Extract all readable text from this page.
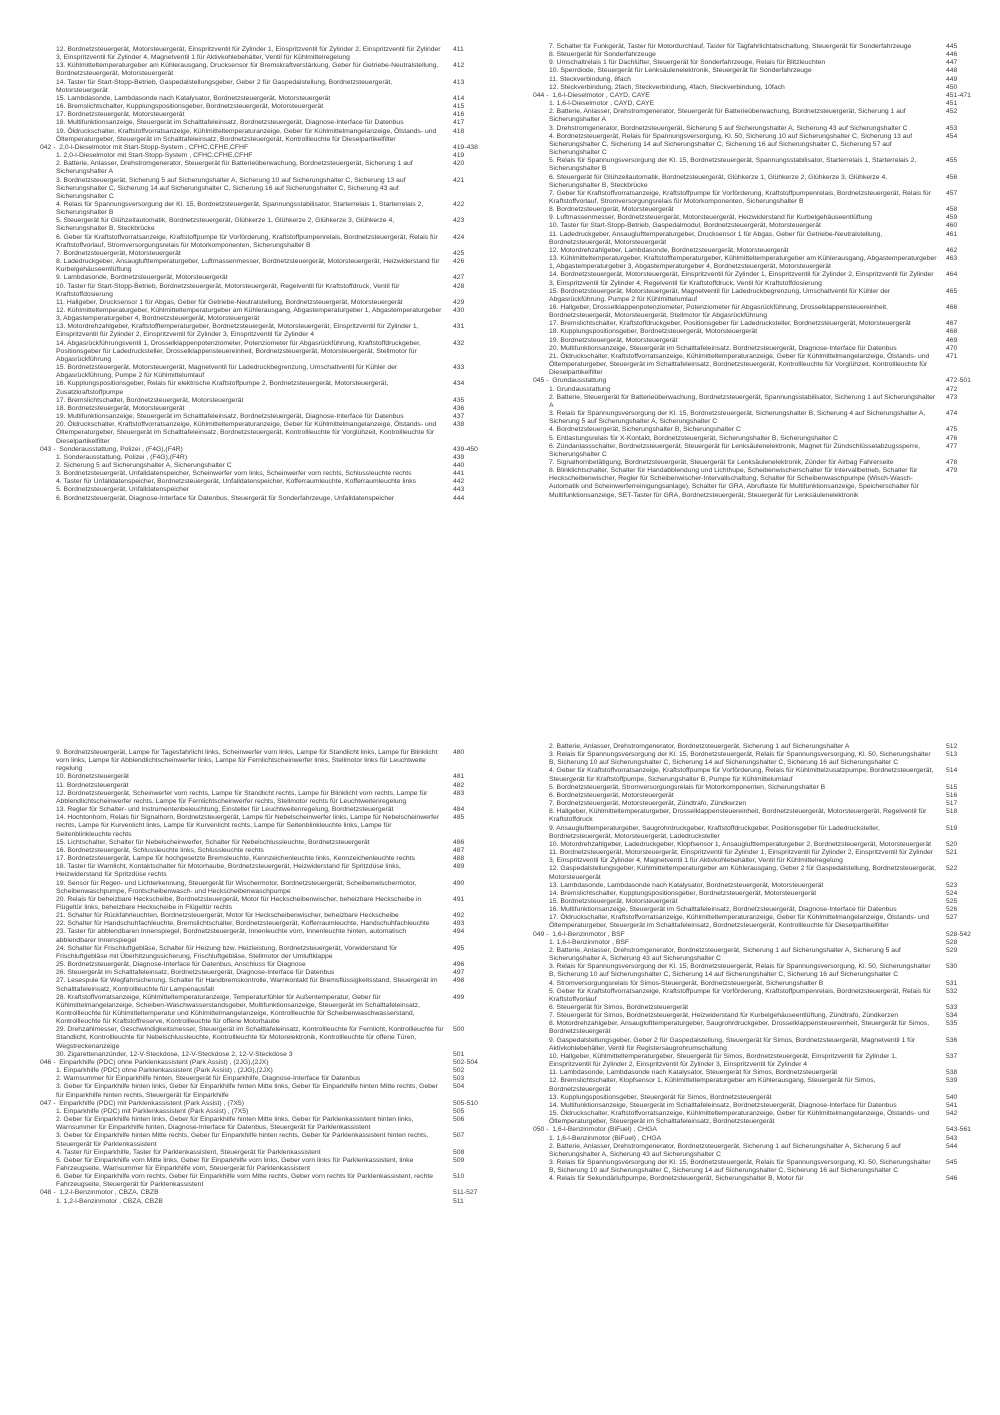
12. Bordnetzsteuergerät, Motorsteuergerät, Einspritzventil für Zylinder 1, Einspritzventil für Zylinder 2, Einspritzventil für Zylinder 3, Einspritzventil für Zylinder 4, Magnetventil 1 für Aktivkohlebehälter, Ventil für Kühlmittelregelung
411
13. Kühlmitteltemperaturgeber am Kühlerausgang, Drucksensor für Bremskraftverstärkung, Geber für Getriebe-Neutralstellung, Bordnetzsteuergerät, Motorsteuergerät
412
14. Taster für Start-Stopp-Betrieb, Gaspedalstellungsgeber, Geber 2 für Gaspedalstellung, Bordnetzsteuergerät, Motorsteuergerät
413
15. Lambdasonde, Lambdasonde nach Katalysator, Bordnetzsteuergerät, Motorsteuergerät	414
16. Bremslichtschalter, Kupplungspositionsgeber, Bordnetzsteuergerät, Motorsteuergerät	415
17. Bordnetzsteuergerät, Motorsteuergerät	416
18. Multifunktionsanzeige, Steuergerät im Schalttafeleinsatz, Bordnetzsteuergerät, Diagnose-Interface für Datenbus	417
19. Öldruckschalter, Kraftstoffvorratsanzeige, Kühlmitteltemperaturanzeige, Geber für Kühlmittelmangelanzeige, Ölstands- und Öltemperaturgeber, Steuergerät im Schalttafeleinsatz, Bordnetzsteuergerät, Kontrollleuchte für Dieselpartikelfilter
418
042 -  2,0-l-Dieselmotor mit Start-Stopp-System , CFHC,CFHE,CFHF	419-438
1. 2,0-l-Dieselmotor mit Start-Stopp-System , CFHC,CFHE,CFHF	419
2. Batterie, Anlasser, Drehstromgenerator, Steuergerät für Batterieüberwachung, Bordnetzsteuergerät, Sicherung 1 auf Sicherungshalter A
420
3. Bordnetzsteuergerät, Sicherung 5 auf Sicherungshalter A, Sicherung 10 auf Sicherungshalter C, Sicherung 13 auf Sicherungshalter C, Sicherung 14 auf Sicherungshalter C, Sicherung 16 auf Sicherungshalter C, Sicherung 43 auf Sicherungshalter C
421
4. Relais für Spannungsversorgung der Kl. 15, Bordnetzsteuergerät, Spannungsstabilisator, Starterrelais 1, Starterrelais 2, Sicherungshalter B
422
5. Steuergerät für Glühzeitautomatik, Bordnetzsteuergerät, Glühkerze 1, Glühkerze 2, Glühkerze 3, Glühkerze 4, Sicherungshalter B, Steckbrücke
423
6. Geber für Kraftstoffvorratsanzeige, Kraftstoffpumpe für Vorförderung, Kraftstoffpumpenrelais, Bordnetzsteuergerät, Relais für Kraftstoffvorlauf, Stromversorgungsrelais für Motorkomponenten, Sicherungshalter B
424
7. Bordnetzsteuergerät, Motorsteuergerät	425
8. Ladedruckgeber, Ansauglufttemperaturgeber, Luftmassenmesser, Bordnetzsteuergerät, Motorsteuergerät, Heizwiderstand für Kurbelgehäuseentlüftung
426
9. Lambdasonde, Bordnetzsteuergerät, Motorsteuergerät	427
10. Taster für Start-Stopp-Betrieb, Bordnetzsteuergerät, Motorsteuergerät, Regelventil für Kraftstoffdruck, Ventil für Kraftstoffdosierung
428
11. Hallgeber, Drucksensor 1 für Abgas, Geber für Getriebe-Neutralstellung, Bordnetzsteuergerät, Motorsteuergerät	429
12. Kühlmitteltemperaturgeber, Kühlmitteltemperaturgeber am Kühlerausgang, Abgastemperaturgeber 1, Abgastemperaturgeber 3, Abgastemperaturgeber 4, Bordnetzsteuergerät, Motorsteuergerät
430
13. Motordrehzahlgeber, Kraftstofftemperaturgeber, Bordnetzsteuergerät, Motorsteuergerät, Einspritzventil für Zylinder 1, Einspritzventil für Zylinder 2, Einspritzventil für Zylinder 3, Einspritzventil für Zylinder 4
431
14. Abgasrückführungsventil 1, Drosselklappenpotenziometer, Potenziometer für Abgasrückführung, Kraftstoffdruckgeber, Positionsgeber für Ladedrucksteller, Drosselklappensteuereinheit, Bordnetzsteuergerät, Motorsteuergerät, Stellmotor für Abgasrückführung
432
15. Bordnetzsteuergerät, Motorsteuergerät, Magnetventil für Ladedruckbegrenzung, Umschaltventil für Kühler der Abgasrückführung, Pumpe 2 für Kühlmittelumlauf
433
16. Kupplungspositionsgeber, Relais für elektrische Kraftstoffpumpe 2, Bordnetzsteuergerät, Motorsteuergerät, Zusatzkraftstoffpumpe
434
17. Bremslichtschalter, Bordnetzsteuergerät, Motorsteuergerät	435
18. Bordnetzsteuergerät, Motorsteuergerät	436
19. Multifunktionsanzeige, Steuergerät im Schalttafeleinsatz, Bordnetzsteuergerät, Diagnose-Interface für Datenbus	437
20. Öldruckschalter, Kraftstoffvorratsanzeige, Kühlmitteltemperaturanzeige, Geber für Kühlmittelmangelanzeige, Ölstands- und Öltemperaturgeber, Steuergerät im Schalttafeleinsatz, Bordnetzsteuergerät, Kontrollleuchte für Vorglühzeit, Kontrollleuchte für Dieselpartikelfilter
438
043 -  Sonderausstattung, Polizei , (F4G),(F4R)	439-450
1. Sonderausstattung, Polizei , (F4G),(F4R)	439
2. Sicherung 5 auf Sicherungshalter A, Sicherungshalter C	440
3. Bordnetzsteuergerät, Unfalldatenspeicher, Scheinwerfer vorn links, Scheinwerfer vorn rechts, Schlussleuchte rechts	441
4. Taster für Unfalldatenspeicher, Bordnetzsteuergerät, Unfalldatenspeicher, Kofferraumleuchte, Kofferraumleuchte links	442
5. Bordnetzsteuergerät, Unfalldatenspeicher	443
6. Bordnetzsteuergerät, Diagnose-Interface für Datenbus, Steuergerät für Sonderfahrzeuge, Unfalldatenspeicher	444
7. Schalter für Funkgerät, Taster für Motordurchlauf, Taster für Tagfahrlichtabschaltung, Steuergerät für Sonderfahrzeuge	445
8. Steuergerät für Sonderfahrzeuge	446
9. Umschaltrelais 1 für Dachlüfter, Steuergerät für Sonderfahrzeuge, Relais für Blitzleuchten	447
10. Sperrdiode, Steuergerät für Lenksäulenelektronik, Steuergerät für Sonderfahrzeuge	448
11. Steckverbindung, 8fach	449
12. Steckverbindung, 2fach, Steckverbindung, 4fach, Steckverbindung, 10fach	450
044 -  1,6-l-Dieselmotor , CAYD, CAYE	451-471
1. 1,6-l-Dieselmotor , CAYD, CAYE	451
2. Batterie, Anlasser, Drehstromgenerator, Steuergerät für Batterieüberwachung, Bordnetzsteuergerät, Sicherung 1 auf Sicherungshalter A
452
3. Drehstromgenerator, Bordnetzsteuergerät, Sicherung 5 auf Sicherungshalter A, Sicherung 43 auf Sicherungshalter C	453
4. Bordnetzsteuergerät, Relais für Spannungsversorgung, Kl. 50, Sicherung 10 auf Sicherungshalter C, Sicherung 13 auf Sicherungshalter C, Sicherung 14 auf Sicherungshalter C, Sicherung 16 auf Sicherungshalter C, Sicherung 57 auf Sicherungshalter C
454
5. Relais für Spannungsversorgung der Kl. 15, Bordnetzsteuergerät, Spannungsstabilisator, Starterrelais 1, Starterrelais 2, Sicherungshalter B
455
6. Steuergerät für Glühzeitautomatik, Bordnetzsteuergerät, Glühkerze 1, Glühkerze 2, Glühkerze 3, Glühkerze 4, Sicherungshalter B, Steckbrücke
456
7. Geber für Kraftstoffvorratsanzeige, Kraftstoffpumpe für Vorförderung, Kraftstoffpumpenrelais, Bordnetzsteuergerät, Relais für Kraftstoffvorlauf, Stromversorgungsrelais für Motorkomponenten, Sicherungshalter B
457
8. Bordnetzsteuergerät, Motorsteuergerät	458
9. Luftmassenmesser, Bordnetzsteuergerät, Motorsteuergerät, Heizwiderstand für Kurbelgehäuseentlüftung	459
10. Taster für Start-Stopp-Betrieb, Gaspedalmodul, Bordnetzsteuergerät, Motorsteuergerät	460
11. Ladedruckgeber, Ansauglufttemperaturgeber, Drucksensor 1 für Abgas, Geber für Getriebe-Neutralstellung, Bordnetzsteuergerät, Motorsteuergerät
461
12. Motordrehzahlgeber, Lambdasonde, Bordnetzsteuergerät, Motorsteuergerät	462
13. Kühlmitteltemperaturgeber, Kraftstofftemperaturgeber, Kühlmitteltemperaturgeber am Kühlerausgang, Abgastemperaturgeber 1, Abgastemperaturgeber 3, Abgastemperaturgeber 4, Bordnetzsteuergerät, Motorsteuergerät
463
14. Bordnetzsteuergerät, Motorsteuergerät, Einspritzventil für Zylinder 1, Einspritzventil für Zylinder 2, Einspritzventil für Zylinder 3, Einspritzventil für Zylinder 4, Regelventil für Kraftstoffdruck, Ventil für Kraftstoffdosierung
464
15. Bordnetzsteuergerät, Motorsteuergerät, Magnetventil für Ladedruckbegrenzung, Umschaltventil für Kühler der Abgasrückführung, Pumpe 2 für Kühlmittelumlauf
465
16. Hallgeber, Drosselklappenpotenziometer, Potenziometer für Abgasrückführung, Drosselklappensteuereinheit, Bordnetzsteuergerät, Motorsteuergerät, Stellmotor für Abgasrückführung
466
17. Bremslichtschalter, Kraftstoffdruckgeber, Positionsgeber für Ladedrucksteller, Bordnetzsteuergerät, Motorsteuergerät	467
18. Kupplungspositionsgeber, Bordnetzsteuergerät, Motorsteuergerät	468
19. Bordnetzsteuergerät, Motorsteuergerät	469
20. Multifunktionsanzeige, Steuergerät im Schalttafeleinsatz, Bordnetzsteuergerät, Diagnose-Interface für Datenbus	470
21. Öldruckschalter, Kraftstoffvorratsanzeige, Kühlmitteltemperaturanzeige, Geber für Kühlmittelmangelanzeige, Ölstands- und Öltemperaturgeber, Steuergerät im Schalttafeleinsatz, Bordnetzsteuergerät, Kontrollleuchte für Vorglühzeit, Kontrollleuchte für Dieselpartikelfilter
471
045 -  Grundausstattung	472-501
1. Grundausstattung	472
2. Batterie, Steuergerät für Batterieüberwachung, Bordnetzsteuergerät, Spannungsstabilisator, Sicherung 1 auf Sicherungshalter A
473
3. Relais für Spannungsversorgung der Kl. 15, Bordnetzsteuergerät, Sicherungshalter B, Sicherung 4 auf Sicherungshalter A, Sicherung 5 auf Sicherungshalter A, Sicherungshalter C
474
4. Bordnetzsteuergerät, Sicherungshalter B, Sicherungshalter C	475
5. Entlastungsrelais für X-Kontakt, Bordnetzsteuergerät, Sicherungshalter B, Sicherungshalter C	476
6. Zündanlassschalter, Bordnetzsteuergerät, Steuergerät für Lenksäulenelektronik, Magnet für Zündschlüsselabzugssperre, Sicherungshalter C
477
7. Signalhornbetätigung, Bordnetzsteuergerät, Steuergerät für Lenksäulenelektronik, Zünder für Airbag Fahrerseite	478
8. Blinklichtschalter, Schalter für Handabblendung und Lichthupe, Scheibenwischerschalter für Intervallbetrieb, Schalter für Heckscheibenwischer, Regler für Scheibenwischer-Intervallschaltung, Schalter für Scheibenwaschpumpe (Wisch-Wasch-Automatik und Scheinwerferreinigungsanlage), Schalter für GRA, Abruftaste für Multifunktionsanzeige, Speicherschalter für Multifunktionsanzeige, SET-Taster für GRA, Bordnetzsteuergerät, Steuergerät für Lenksäulenelektronik
479
9. Bordnetzsteuergerät, Lampe für Tagesfahrlicht links, Scheinwerfer vorn links, Lampe für Standlicht links, Lampe für Blinklicht vorn links, Lampe für Abblendlichtscheinwerfer links, Lampe für Fernlichtscheinwerfer links, Stellmotor links für Leuchtweite regelung
480
10. Bordnetzsteuergerät	481
11. Bordnetzsteuergerät	482
12. Bordnetzsteuergerät, Scheinwerfer vorn rechts, Lampe für Standlicht rechts, Lampe für Blinklicht vorn rechts, Lampe für Abblendlichtscheinwerfer rechts, Lampe für Fernlichtscheinwerfer rechts, Stellmotor rechts für Leuchtweitenregelung
483
13. Regler für Schalter- und Instrumentenbeleuchtung, Einsteller für Leuchtweitenregelung, Bordnetzsteuergerät	484
14. Hochtonhorn, Relais für Signalhorn, Bordnetzsteuergerät, Lampe für Nebelscheinwerfer links, Lampe für Nebelscheinwerfer rechts, Lampe für Kurvenlicht links, Lampe für Kurvenlicht rechts, Lampe für Seitenblinkleuchte links, Lampe für Seitenblinkleuchte rechts
485
15. Lichtschalter, Schalter für Nebelscheinwerfer, Schalter für Nebelschlussleuchte, Bordnetzsteuergerät	486
16. Bordnetzsteuergerät, Schlussleuchte links, Schlussleuchte rechts	487
17. Bordnetzsteuergerät, Lampe für hochgesetzte Bremsleuchte, Kennzeichenleuchte links, Kennzeichenleuchte rechts	488
18. Taster für Warnlicht, Kontaktschalter für Motorhaube, Bordnetzsteuergerät, Heizwiderstand für Spritzdüse links, Heizwiderstand für Spritzdüse rechts
489
19. Sensor für Regen- und Lichterkennung, Steuergerät für Wischermotor, Bordnetzsteuergerät, Scheibenwischermotor, Scheibenwaschpumpe, Frontscheibenwasch- und Heckscheibenwaschpumpe
490
20. Relais für beheizbare Heckscheibe, Bordnetzsteuergerät, Motor für Heckscheibenwischer, beheizbare Heckscheibe in Flügeltür links, beheizbare Heckscheibe in Flügeltür rechts
491
21. Schalter für Rückfahrleuchten, Bordnetzsteuergerät, Motor für Heckscheibenwischer, beheizbare Heckscheibe	492
22. Schalter für Handschuhfachleuchte, Bremslichtschalter, Bordnetzsteuergerät, Kofferraumleuchte, Handschuhfachleuchte	493
23. Taster für abblendbaren Innenspiegel, Bordnetzsteuergerät, Innenleuchte vorn, Innenleuchte hinten, automatisch abblendbarer Innenspiegel
494
24. Schalter für Frischluftgebläse, Schalter für Heizung bzw. Heizleistung, Bordnetzsteuergerät, Vorwiderstand für Frischluftgebläse mit Überhitzungssicherung, Frischluftgebläse, Stellmotor der Umluftklappe
495
25. Bordnetzsteuergerät, Diagnose-Interface für Datenbus, Anschluss für Diagnose	496
26. Steuergerät im Schalttafeleinsatz, Bordnetzsteuergerät, Diagnose-Interface für Datenbus	497
27. Lesespule für Wegfahrsicherung, Schalter für Handbremskontrolle, Warnkontakt für Bremsflüssigkeitsstand, Steuergerät im Schalttafeleinsatz, Kontrollleuchte für Lampenausfall
498
28. Kraftstoffvorratsanzeige, Kühlmitteltemperaturanzeige, Temperaturfühler für Außentemperatur, Geber für Kühlmittelmangelanzeige, Scheiben-Waschwasserstandsgeber, Multifunktionsanzeige, Steuergerät im Schalttafeleinsatz, Kontrollleuchte für Kühlmitteltemperatur und Kühlmittelmangelanzeige, Kontrollleuchte für Scheibenwaschwasserstand, Kontrollleuchte für Kraftstoffreserve, Kontrollleuchte für offene Motorhaube
499
29. Drehzahlmesser, Geschwindigkeitsmesser, Steuergerät im Schalttafeleinsatz, Kontrollleuchte für Fernlicht, Kontrollleuchte für Standlicht, Kontrollleuchte für Nebelschlussleuchte, Kontrollleuchte für Motorelektronik, Kontrollleuchte für offene Türen, Wegstreckenanzeige
500
30. Zigarettenanzünder, 12-V-Steckdose, 12-V-Steckdose 2, 12-V-Steckdose 3	501
046 -  Einparkhilfe (PDC) ohne Parklenkassistent (Park Assist) , (2JG),(2JX)	502-504
1. Einparkhilfe (PDC) ohne Parklenkassistent (Park Assist) , (2JG),(2JX)	502
2. Warnsummer für Einparkhilfe hinten, Steuergerät für Einparkhilfe, Diagnose-Interface für Datenbus	503
3. Geber für Einparkhilfe hinten links, Geber für Einparkhilfe hinten Mitte links, Geber für Einparkhilfe hinten Mitte rechts, Geber für Einparkhilfe hinten rechts, Steuergerät für Einparkhilfe
504
047 -  Einparkhilfe (PDC) mit Parklenkassistent (Park Assist) , (7X5)	505-510
1. Einparkhilfe (PDC) mit Parklenkassistent (Park Assist) , (7X5)	505
2. Geber für Einparkhilfe hinten links, Geber für Einparkhilfe hinten Mitte links, Geber für Parklenkassistent hinten links, Warnsummer für Einparkhilfe hinten, Diagnose-Interface für Datenbus, Steuergerät für Parklenkassistent
506
3. Geber für Einparkhilfe hinten Mitte rechts, Geber für Einparkhilfe hinten rechts, Geber für Parklenkassistent hinten rechts, Steuergerät für Parklenkassistent
507
4. Taster für Einparkhilfe, Taster für Parklenkassistent, Steuergerät für Parklenkassistent	508
5. Geber für Einparkhilfe vorn Mitte links, Geber für Einparkhilfe vorn links, Geber vorn links für Parklenkassistent, linke Fahrzeugseite, Warnsummer für Einparkhilfe vorn, Steuergerät für Parklenkassistent
509
6. Geber für Einparkhilfe vorn rechts, Geber für Einparkhilfe vorn Mitte rechts, Geber vorn rechts für Parklenkassistent, rechte Fahrzeugseite, Steuergerät für Parklenkassistent
510
048 -  1,2-l-Benzinmotor , CBZA, CBZB	511-527
1. 1,2-l-Benzinmotor , CBZA, CBZB	511
2. Batterie, Anlasser, Drehstromgenerator, Bordnetzsteuergerät, Sicherung 1 auf Sicherungshalter A	512
3. Relais für Spannungsversorgung der Kl. 15, Bordnetzsteuergerät, Relais für Spannungsversorgung, Kl. 50, Sicherungshalter B, Sicherung 10 auf Sicherungshalter C, Sicherung 14 auf Sicherungshalter C, Sicherung 16 auf Sicherungshalter C
513
4. Geber für Kraftstoffvorratsanzeige, Kraftstoffpumpe für Vorförderung, Relais für Kühlmittelzusatzpumpe, Bordnetzsteuergerät, Steuergerät für Kraftstoffpumpe, Sicherungshalter B, Pumpe für Kühlmittelumlauf
514
5. Bordnetzsteuergerät, Stromversorgungsrelais für Motorkomponenten, Sicherungshalter B	515
6. Bordnetzsteuergerät, Motorsteuergerät	516
7. Bordnetzsteuergerät, Motorsteuergerät, Zündtrafo, Zündkerzen	517
8. Hallgeber, Kühlmitteltemperaturgeber, Drosselklappensteuereinheit, Bordnetzsteuergerät, Motorsteuergerät, Regelventil für Kraftstoffdruck
518
9. Ansauglufttemperaturgeber, Saugrohrdruckgeber, Kraftstoffdruckgeber, Positionsgeber für Ladedrucksteller, Bordnetzsteuergerät, Motorsteuergerät, Ladedrucksteller
519
10. Motordrehzahlgeber, Ladedruckgeber, Klopfsensor 1, Ansauglufttemperaturgeber 2, Bordnetzsteuergerät, Motorsteuergerät	520
11. Bordnetzsteuergerät, Motorsteuergerät, Einspritzventil für Zylinder 1, Einspritzventil für Zylinder 2, Einspritzventil für Zylinder 3, Einspritzventil für Zylinder 4, Magnetventil 1 für Aktivkohlebehälter, Ventil für Kühlmittelregelung
521
12. Gaspedalstellungsgeber, Kühlmitteltemperaturgeber am Kühlerausgang, Geber 2 für Gaspedalstellung, Bordnetzsteuergerät, Motorsteuergerät
522
13. Lambdasonde, Lambdasonde nach Katalysator, Bordnetzsteuergerät, Motorsteuergerät	523
14. Bremslichtschalter, Kupplungspositionsgeber, Bordnetzsteuergerät, Motorsteuergerät	524
15. Bordnetzsteuergerät, Motorsteuergerät	525
16. Multifunktionsanzeige, Steuergerät im Schalttafeleinsatz, Bordnetzsteuergerät, Diagnose-Interface für Datenbus	526
17. Öldruckschalter, Kraftstoffvorratsanzeige, Kühlmitteltemperaturanzeige, Geber für Kühlmittelmangelanzeige, Ölstands- und Öltemperaturgeber, Steuergerät im Schalttafeleinsatz, Bordnetzsteuergerät, Kontrollleuchte für Dieselpartikelfilter
527
049 -  1,6-l-Benzinmotor , BSF	528-542
1. 1,6-l-Benzinmotor , BSF	528
2. Batterie, Anlasser, Drehstromgenerator, Bordnetzsteuergerät, Sicherung 1 auf Sicherungshalter A, Sicherung 5 auf Sicherungshalter A, Sicherung 43 auf Sicherungshalter C
529
3. Relais für Spannungsversorgung der Kl. 15, Bordnetzsteuergerät, Relais für Spannungsversorgung, Kl. 50, Sicherungshalter B, Sicherung 10 auf Sicherungshalter C, Sicherung 14 auf Sicherungshalter C, Sicherung 16 auf Sicherungshalter C
530
4. Stromversorgungsrelais für Simos-Steuergerät, Bordnetzsteuergerät, Sicherungshalter B	531
5. Geber für Kraftstoffvorratsanzeige, Kraftstoffpumpe für Vorförderung, Kraftstoffpumpenrelais, Bordnetzsteuergerät, Relais für Kraftstoffvorlauf
532
6. Steuergerät für Simos, Bordnetzsteuergerät	533
7. Steuergerät für Simos, Bordnetzsteuergerät, Heizwiderstand für Kurbelgehäuseentlüftung, Zündtrafo, Zündkerzen	534
8. Motordrehzahlgeber, Ansauglufttemperaturgeber, Saugrohrdruckgeber, Drosselklappensteuereinheit, Steuergerät für Simos, Bordnetzsteuergerät
535
9. Gaspedalstellungsgeber, Geber 2 für Gaspedalstellung, Steuergerät für Simos, Bordnetzsteuergerät, Magnetventil 1 für Aktivkohlebehälter, Ventil für Registersaugrohrumschaltung
536
10. Hallgeber, Kühlmitteltemperaturgeber, Steuergerät für Simos, Bordnetzsteuergerät, Einspritzventil für Zylinder 1, Einspritzventil für Zylinder 2, Einspritzventil für Zylinder 3, Einspritzventil für Zylinder 4
537
11. Lambdasonde, Lambdasonde nach Katalysator, Steuergerät für Simos, Bordnetzsteuergerät	538
12. Bremslichtschalter, Klopfsensor 1, Kühlmitteltemperaturgeber am Kühlerausgang, Steuergerät für Simos, Bordnetzsteuergerät
539
13. Kupplungspositionsgeber, Steuergerät für Simos, Bordnetzsteuergerät	540
14. Multifunktionsanzeige, Steuergerät im Schalttafeleinsatz, Bordnetzsteuergerät, Diagnose-Interface für Datenbus	541
15. Öldruckschalter, Kraftstoffvorratsanzeige, Kühlmitteltemperaturanzeige, Geber für Kühlmittelmangelanzeige, Ölstands- und Öltemperaturgeber, Steuergerät im Schalttafeleinsatz, Bordnetzsteuergerät
542
050 -  1,6-l-Benzinmotor (BiFuel) , CHGA	543-561
1. 1,6-l-Benzinmotor (BiFuel) , CHGA	543
2. Batterie, Anlasser, Drehstromgenerator, Bordnetzsteuergerät, Sicherung 1 auf Sicherungshalter A, Sicherung 5 auf Sicherungshalter A, Sicherung 43 auf Sicherungshalter C
544
3. Relais für Spannungsversorgung der Kl. 15, Bordnetzsteuergerät, Relais für Spannungsversorgung, Kl. 50, Sicherungshalter B, Sicherung 10 auf Sicherungshalter C, Sicherung 14 auf Sicherungshalter C, Sicherung 16 auf Sicherungshalter C
545
4. Relais für Sekundärluftpumpe, Bordnetzsteuergerät, Sicherungshalter B, Motor für	546
